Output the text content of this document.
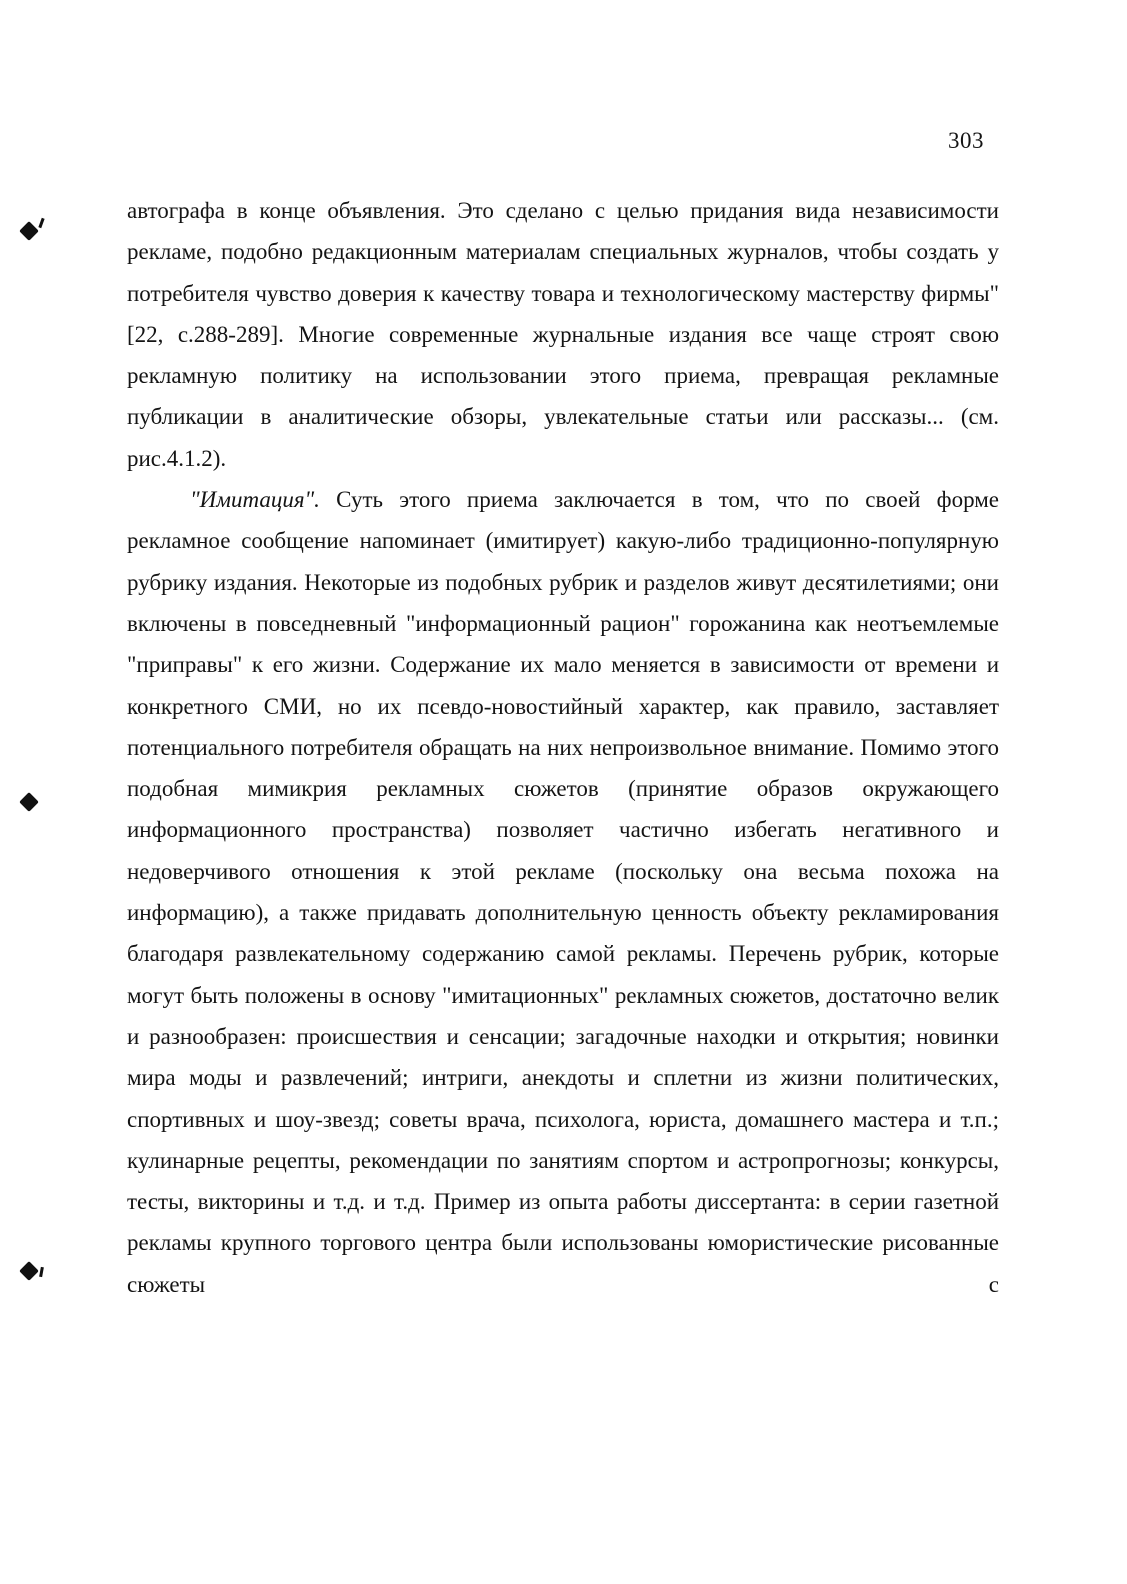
303

автографа в конце объявления. Это сделано с целью придания вида независимости рекламе, подобно редакционным материалам специальных журналов, чтобы создать у потребителя чувство доверия к качеству товара и технологическому мастерству фирмы" [22, с.288-289]. Многие современные журнальные издания все чаще строят свою рекламную политику на использовании этого приема, превращая рекламные публикации в аналитические обзоры, увлекательные статьи или рассказы... (см. рис.4.1.2).

"Имитация". Суть этого приема заключается в том, что по своей форме рекламное сообщение напоминает (имитирует) какую-либо традиционно-популярную рубрику издания. Некоторые из подобных рубрик и разделов живут десятилетиями; они включены в повседневный "информационный рацион" горожанина как неотъемлемые "приправы" к его жизни. Содержание их мало меняется в зависимости от времени и конкретного СМИ, но их псевдо-новостийный характер, как правило, заставляет потенциального потребителя обращать на них непроизвольное внимание. Помимо этого подобная мимикрия рекламных сюжетов (принятие образов окружающего информационного пространства) позволяет частично избегать негативного и недоверчивого отношения к этой рекламе (поскольку она весьма похожа на информацию), а также придавать дополнительную ценность объекту рекламирования благодаря развлекательному содержанию самой рекламы. Перечень рубрик, которые могут быть положены в основу "имитационных" рекламных сюжетов, достаточно велик и разнообразен: происшествия и сенсации; загадочные находки и открытия; новинки мира моды и развлечений; интриги, анекдоты и сплетни из жизни политических, спортивных и шоу-звезд; советы врача, психолога, юриста, домашнего мастера и т.п.; кулинарные рецепты, рекомендации по занятиям спортом и астропрогнозы; конкурсы, тесты, викторины и т.д. и т.д. Пример из опыта работы диссертанта: в серии газетной рекламы крупного торгового центра были использованы юмористические рисованные сюжеты с
